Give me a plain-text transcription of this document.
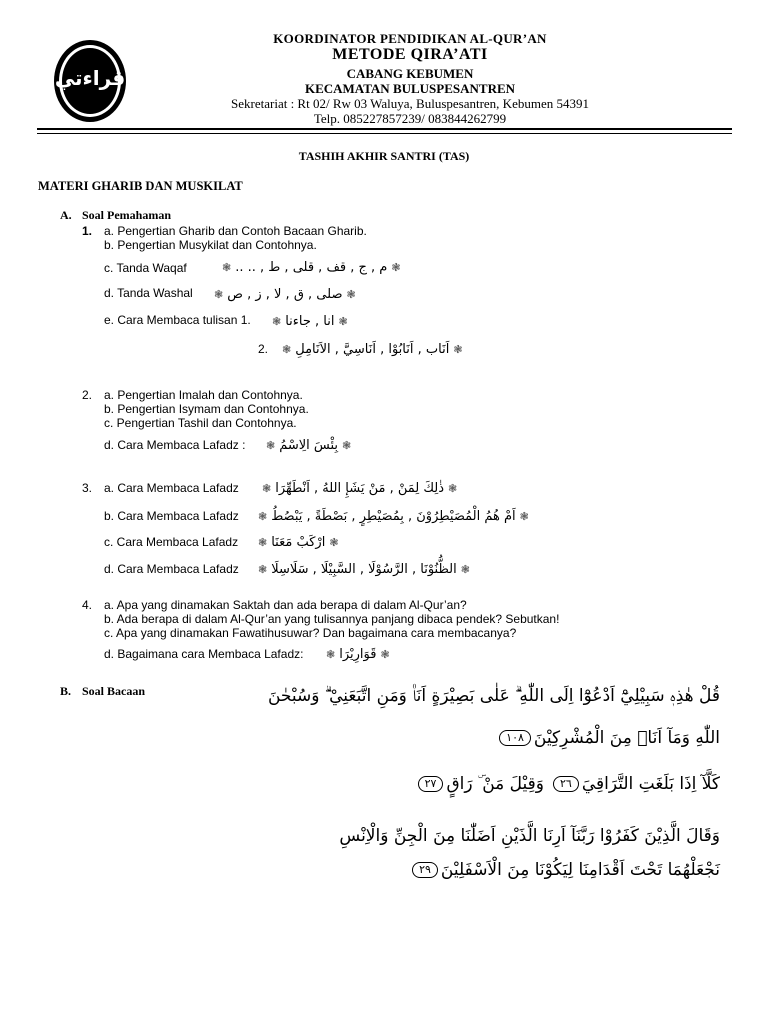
قراءتي
KOORDINATOR PENDIDIKAN AL-QUR’AN
METODE QIRA’ATI
CABANG KEBUMEN
KECAMATAN BULUSPESANTREN
Sekretariat : Rt 02/ Rw 03 Waluya, Buluspesantren, Kebumen 54391
Telp. 085227857239/ 083844262799
TASHIH AKHIR SANTRI (TAS)
MATERI GHARIB DAN MUSKILAT
A. Soal Pemahaman
1. a. Pengertian Gharib dan Contoh Bacaan Gharib.
b. Pengertian Musykilat dan Contohnya.
c. Tanda Waqaf	❃ م , ج , قف , قلى , ط , .. .. ❃
d. Tanda Washal ❃ صلى , ق , لا , ز , ص ❃
e. Cara Membaca tulisan 1. ❃ انا , جاءنا ❃
2. ❃ اَنَاب , اَنَابُوْا , اَنَاسِيَّ , الاَنَامِلِ ❃
2. a. Pengertian Imalah dan Contohnya.
b. Pengertian Isymam dan Contohnya.
c. Pengertian Tashil dan Contohnya.
d. Cara Membaca Lafadz : ❃ بِئْسَ الِاسْمُ ❃
3. a. Cara Membaca Lafadz ❃ ذٰلِكَ لِمَنْ , مَنْ يَشَإِ اللهُ , اَنْطَهِّرَا ❃
b. Cara Membaca Lafadz ❃ اَمْ هُمُ الْمُصَيْطِرُوْنَ , بِمُصَيْطِرٍ , بَصْطَةً , يَبْصُطُ ❃
c. Cara Membaca Lafadz ❃ ارْكَبْ مَعَنَا ❃
d. Cara Membaca Lafadz ❃ الظُّنُوْنَا , الرَّسُوْلَا , السَّبِيْلَا , سَلَاسِلَا ❃
4. a. Apa yang dinamakan Saktah dan ada berapa di dalam Al-Qur’an?
b. Ada berapa di dalam Al-Qur’an yang tulisannya panjang dibaca pendek? Sebutkan!
c. Apa yang dinamakan Fawatihusuwar? Dan bagaimana cara membacanya?
d. Bagaimana cara Membaca Lafadz: ❃ قَوَارِيْرَا ❃
B. Soal Bacaan	قُلْ هٰذِهٖ سَبِيْلِيْٓ اَدْعُوْٓا اِلَى اللّٰهِ ۗ عَلٰى بَصِيْرَةٍ اَنَا۠ وَمَنِ اتَّبَعَنِيْ ۗ وَسُبْحٰنَ
اللّٰهِ وَمَآ اَنَا۠ مِنَ الْمُشْرِكِيْنَ
١٠٨
كَلَّآ اِذَا بَلَغَتِ التَّرَاقِيَ
٢٦
وَقِيْلَ مَنْ ۜ رَاقٍ
٢٧
وَقَالَ الَّذِيْنَ كَفَرُوْا رَبَّنَآ اَرِنَا الَّذَيْنِ اَضَلّٰنَا مِنَ الْجِنِّ وَالْاِنْسِ
نَجْعَلْهُمَا تَحْتَ اَقْدَامِنَا لِيَكُوْنَا مِنَ الْاَسْفَلِيْنَ
٢٩
